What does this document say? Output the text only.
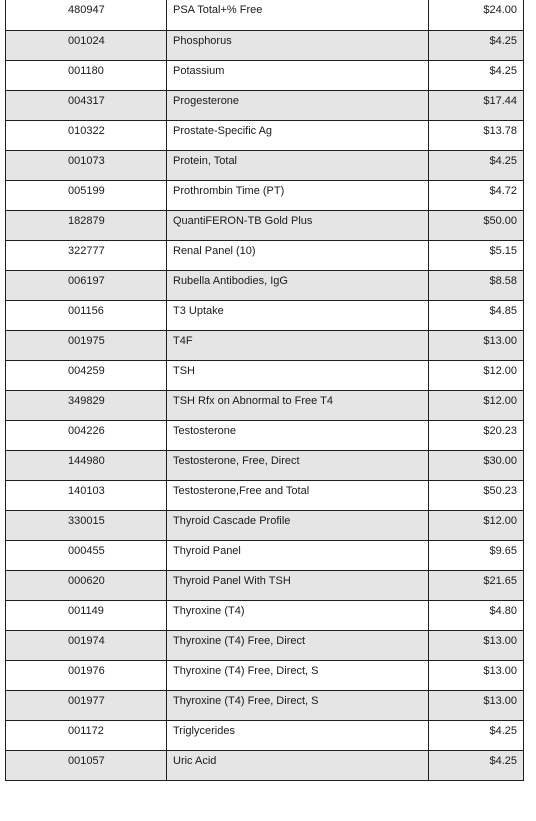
480947	PSA Total+% Free	$24.00
001024	Phosphorus	$4.25
001180	Potassium	$4.25
004317	Progesterone	$17.44
010322	Prostate-Specific Ag	$13.78
001073	Protein, Total	$4.25
005199	Prothrombin Time (PT)	$4.72
182879	QuantiFERON-TB Gold Plus	$50.00
322777	Renal Panel (10)	$5.15
006197	Rubella Antibodies, IgG	$8.58
001156	T3 Uptake	$4.85
001975	T4F	$13.00
004259	TSH	$12.00
349829	TSH Rfx on Abnormal to Free T4	$12.00
004226	Testosterone	$20.23
144980	Testosterone, Free, Direct	$30.00
140103	Testosterone,Free and Total	$50.23
330015	Thyroid Cascade Profile	$12.00
000455	Thyroid Panel	$9.65
000620	Thyroid Panel With TSH	$21.65
001149	Thyroxine (T4)	$4.80
001974	Thyroxine (T4) Free, Direct	$13.00
001976	Thyroxine (T4) Free, Direct, S	$13.00
001977	Thyroxine (T4) Free, Direct, S	$13.00
001172	Triglycerides	$4.25
001057	Uric Acid	$4.25
